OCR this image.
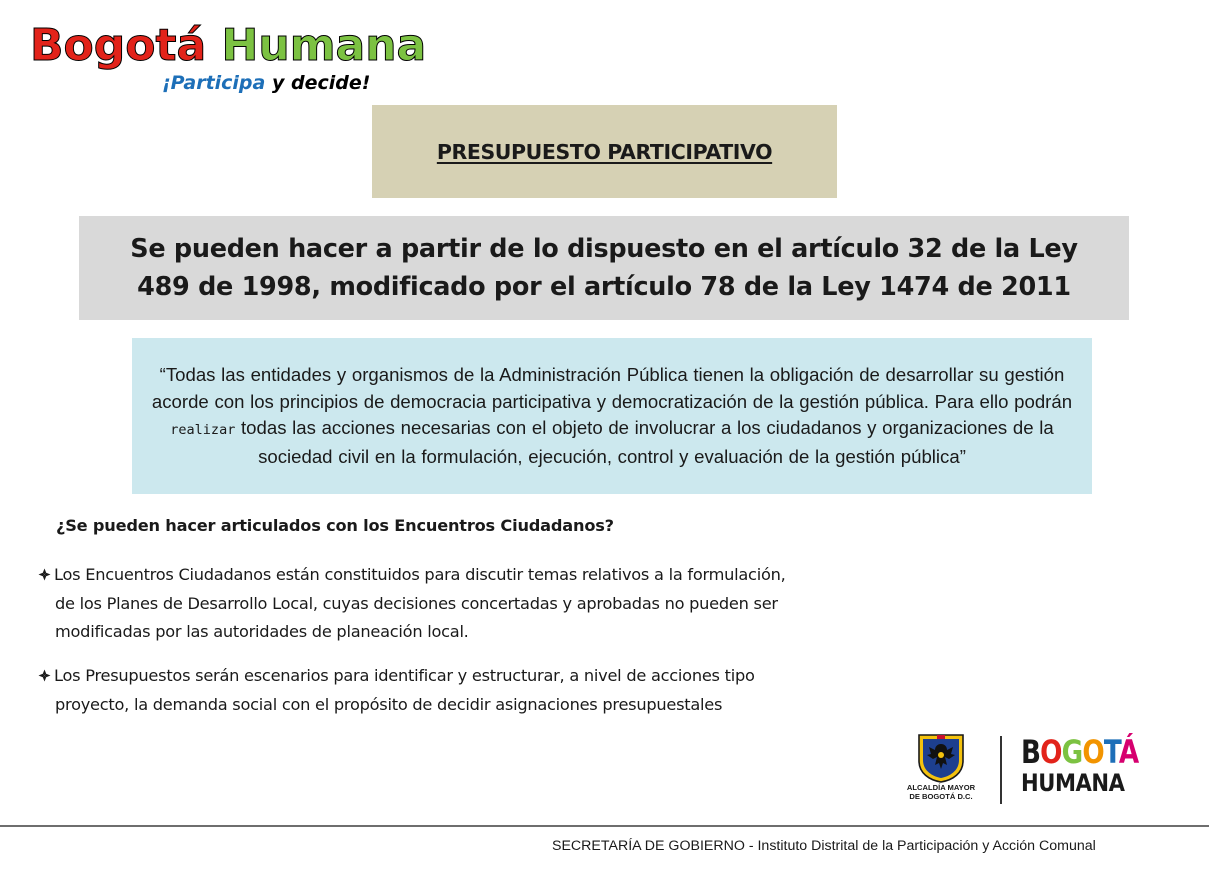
Bogotá Humana
¡Participa y decide!
PRESUPUESTO PARTICIPATIVO
Se pueden hacer a partir de lo dispuesto en el artículo 32 de la Ley
489 de 1998, modificado por el artículo 78 de la Ley 1474 de 2011
“Todas las entidades y organismos de la Administración Pública tienen la obligación de desarrollar su gestión acorde con los principios de democracia participativa y democratización de la gestión pública. Para ello podrán realizar todas las acciones necesarias con el objeto de involucrar a los ciudadanos y organizaciones de la sociedad civil en la formulación, ejecución, control y evaluación de la gestión pública”
¿Se pueden hacer articulados con los Encuentros Ciudadanos?
Los Encuentros Ciudadanos están constituidos para discutir temas relativos a la formulación,
de los Planes de Desarrollo Local, cuyas decisiones concertadas y aprobadas no pueden ser
modificadas por las autoridades de planeación local.
Los Presupuestos serán escenarios para identificar y estructurar, a nivel de acciones tipo
proyecto, la demanda social con el propósito de decidir asignaciones presupuestales
ALCALDÍA MAYOR
DE BOGOTÁ D.C.
BOGOTÁ
HUMANA
SECRETARÍA DE GOBIERNO - Instituto Distrital de la Participación y Acción Comunal
